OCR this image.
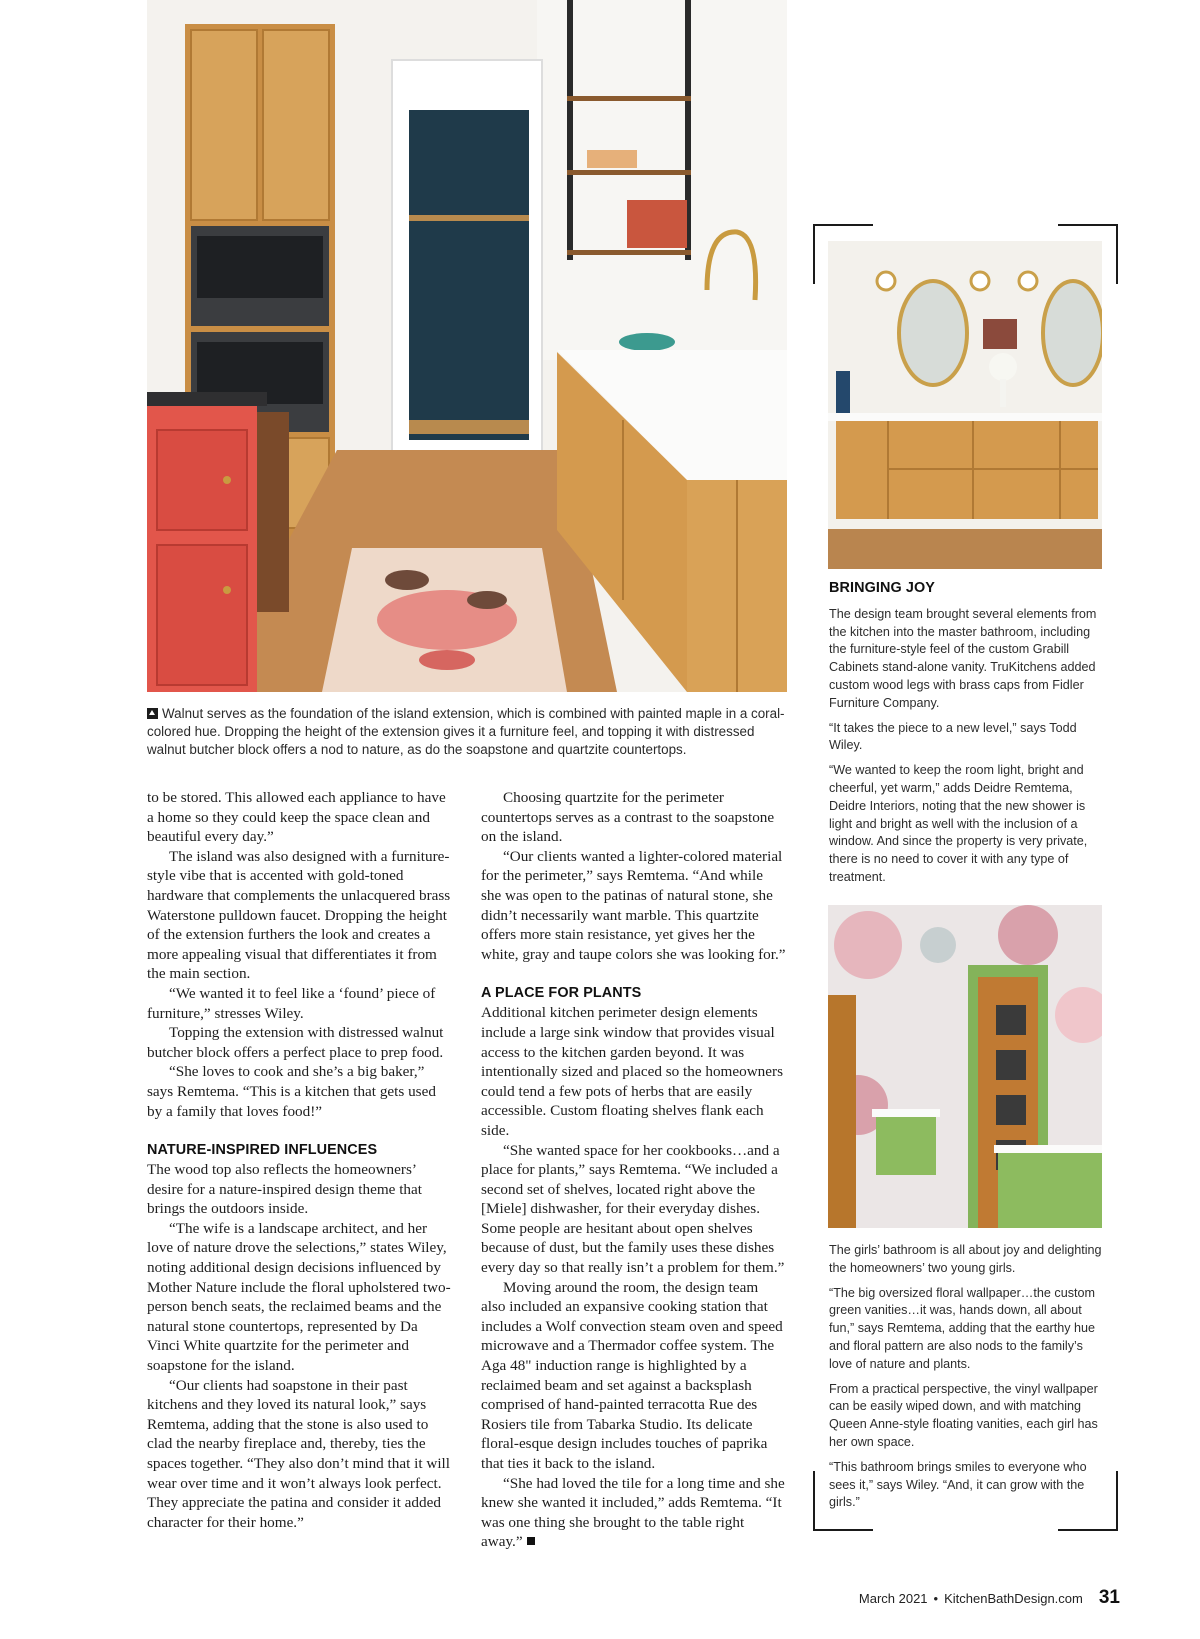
Walnut serves as the foundation of the island extension, which is combined with painted maple in a coral-colored hue. Dropping the height of the extension gives it a furniture feel, and topping it with distressed walnut butcher block offers a nod to nature, as do the soapstone and quartzite countertops.

to be stored. This allowed each appliance to have a home so they could keep the space clean and beautiful every day.”

The island was also designed with a furniture-style vibe that is accented with gold-toned hardware that complements the unlacquered brass Waterstone pulldown faucet. Dropping the height of the extension furthers the look and creates a more appealing visual that differentiates it from the main section.

“We wanted it to feel like a ‘found’ piece of furniture,” stresses Wiley.

Topping the extension with distressed walnut butcher block offers a perfect place to prep food.

“She loves to cook and she’s a big baker,” says Remtema. “This is a kitchen that gets used by a family that loves food!”

NATURE-INSPIRED INFLUENCES

The wood top also reflects the homeowners’ desire for a nature-inspired design theme that brings the outdoors inside.

“The wife is a landscape architect, and her love of nature drove the selections,” states Wiley, noting additional design decisions influenced by Mother Nature include the floral upholstered two-person bench seats, the reclaimed beams and the natural stone countertops, represented by Da Vinci White quartzite for the perimeter and soapstone for the island.

“Our clients had soapstone in their past kitchens and they loved its natural look,” says Remtema, adding that the stone is also used to clad the nearby fireplace and, thereby, ties the spaces together. “They also don’t mind that it will wear over time and it won’t always look perfect. They appreciate the patina and consider it added character for their home.”

Choosing quartzite for the perimeter countertops serves as a contrast to the soapstone on the island.

“Our clients wanted a lighter-colored material for the perimeter,” says Remtema. “And while she was open to the patinas of natural stone, she didn’t necessarily want marble. This quartzite offers more stain resistance, yet gives her the white, gray and taupe colors she was looking for.”

A PLACE FOR PLANTS

Additional kitchen perimeter design elements include a large sink window that provides visual access to the kitchen garden beyond. It was intentionally sized and placed so the homeowners could tend a few pots of herbs that are easily accessible. Custom floating shelves flank each side.

“She wanted space for her cookbooks…and a place for plants,” says Remtema. “We included a second set of shelves, located right above the [Miele] dishwasher, for their everyday dishes. Some people are hesitant about open shelves because of dust, but the family uses these dishes every day so that really isn’t a problem for them.”

Moving around the room, the design team also included an expansive cooking station that includes a Wolf convection steam oven and speed microwave and a Thermador coffee system. The Aga 48" induction range is highlighted by a reclaimed beam and set against a backsplash comprised of hand-painted terracotta Rue des Rosiers tile from Tabarka Studio. Its delicate floral-esque design includes touches of paprika that ties it back to the island.

“She had loved the tile for a long time and she knew she wanted it included,” adds Remtema. “It was one thing she brought to the table right away.”

BRINGING JOY

The design team brought several elements from the kitchen into the master bathroom, including the furniture-style feel of the custom Grabill Cabinets stand-alone vanity. TruKitchens added custom wood legs with brass caps from Fidler Furniture Company.

“It takes the piece to a new level,” says Todd Wiley.

“We wanted to keep the room light, bright and cheerful, yet warm,” adds Deidre Remtema, Deidre Interiors, noting that the new shower is light and bright as well with the inclusion of a window. And since the property is very private, there is no need to cover it with any type of treatment.

The girls’ bathroom is all about joy and delighting the homeowners’ two young girls.

“The big oversized floral wallpaper…the custom green vanities…it was, hands down, all about fun,” says Remtema, adding that the earthy hue and floral pattern are also nods to the family’s love of nature and plants.

From a practical perspective, the vinyl wallpaper can be easily wiped down, and with matching Queen Anne-style floating vanities, each girl has her own space.

“This bathroom brings smiles to everyone who sees it,” says Wiley. “And, it can grow with the girls.”

March 2021 • KitchenBathDesign.com 31
